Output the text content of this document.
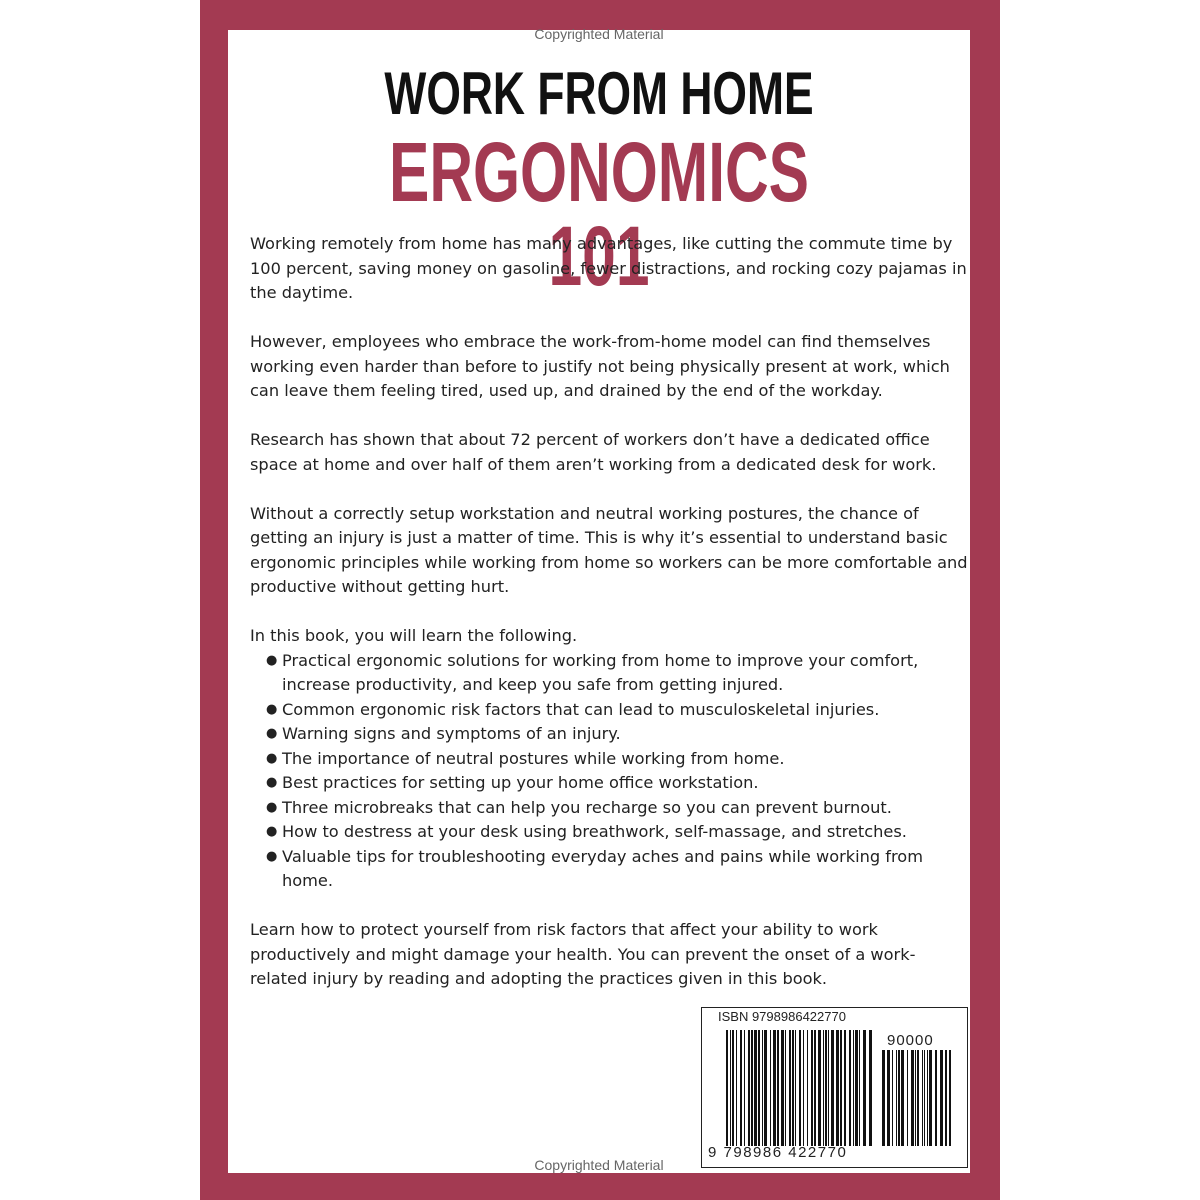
Copyrighted Material
WORK FROM HOME
ERGONOMICS 101

Working remotely from home has many advantages, like cutting the commute time by 100 percent, saving money on gasoline, fewer distractions, and rocking cozy pajamas in the daytime.

However, employees who embrace the work-from-home model can find themselves working even harder than before to justify not being physically present at work, which can leave them feeling tired, used up, and drained by the end of the workday.

Research has shown that about 72 percent of workers don’t have a dedicated office space at home and over half of them aren’t working from a dedicated desk for work.

Without a correctly setup workstation and neutral working postures, the chance of getting an injury is just a matter of time. This is why it’s essential to understand basic ergonomic principles while working from home so workers can be more comfortable and productive without getting hurt.

In this book, you will learn the following.

● Practical ergonomic solutions for working from home to improve your comfort, increase productivity, and keep you safe from getting injured.
● Common ergonomic risk factors that can lead to musculoskeletal injuries.
● Warning signs and symptoms of an injury.
● The importance of neutral postures while working from home.
● Best practices for setting up your home office workstation.
● Three microbreaks that can help you recharge so you can prevent burnout.
● How to destress at your desk using breathwork, self-massage, and stretches.
● Valuable tips for troubleshooting everyday aches and pains while working from home.

Learn how to protect yourself from risk factors that affect your ability to work productively and might damage your health. You can prevent the onset of a work-related injury by reading and adopting the practices given in this book.

ISBN 9798986422770
90000
9 798986 422770
Copyrighted Material
